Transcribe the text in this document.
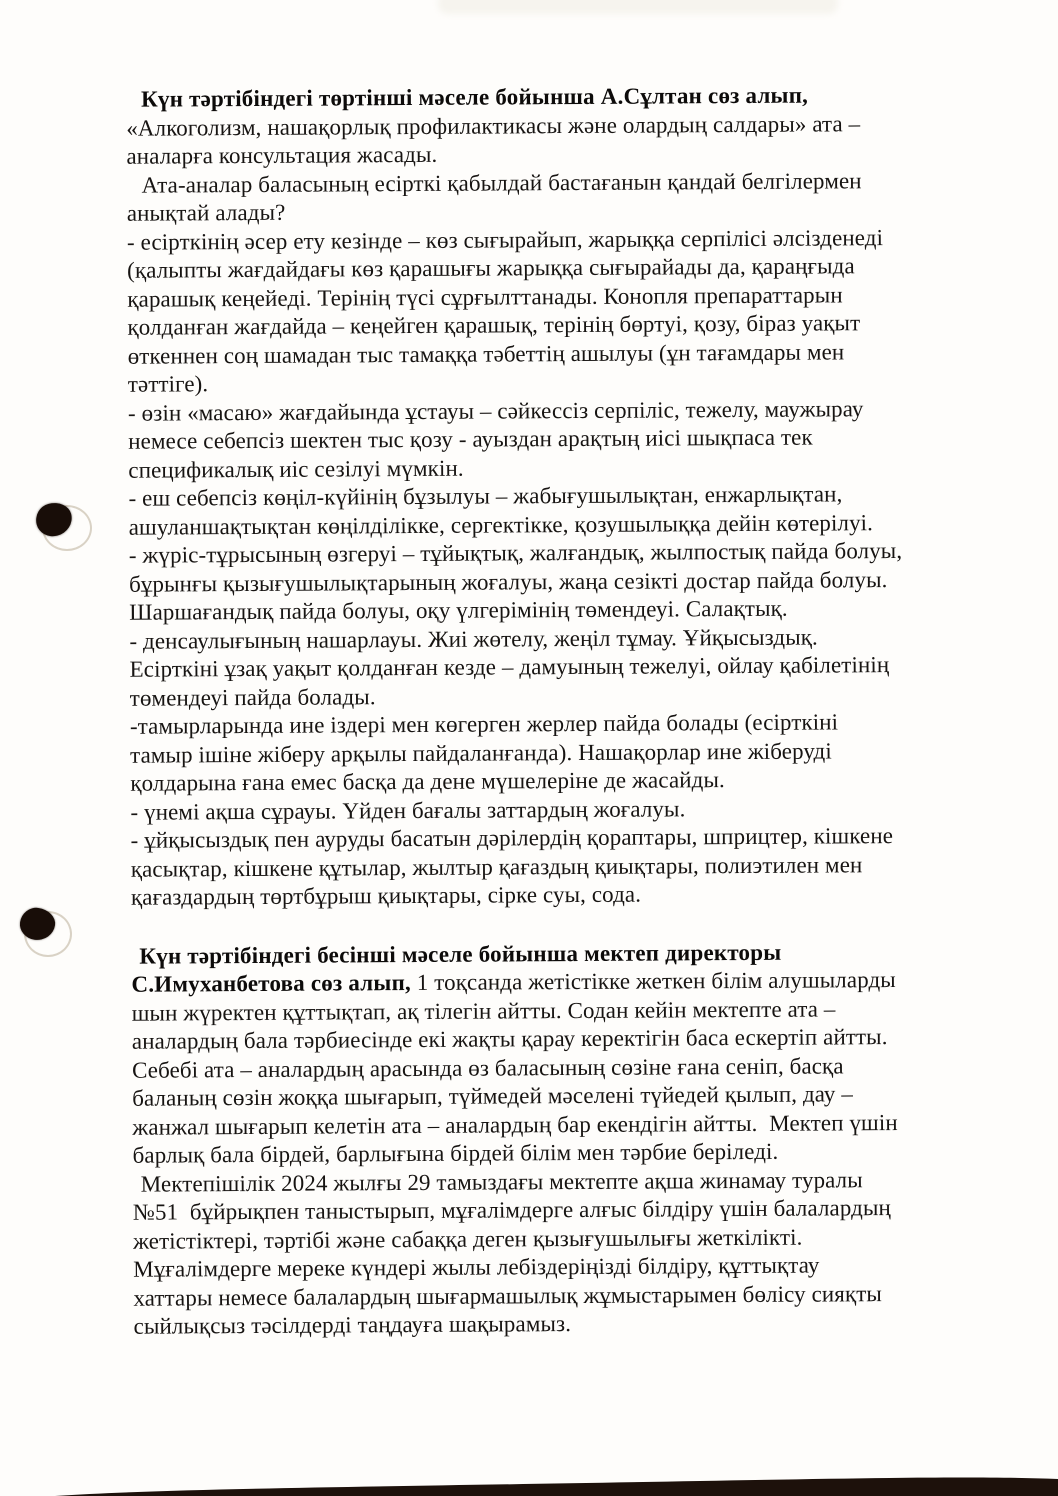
Күн тәртібіндегі төртінші мәселе бойынша А.Сұлтан сөз алып,
«Алкоголизм, нашақорлық профилактикасы және олардың салдары» ата –
аналарға консультация жасады.
Ата-аналар баласының есірткі қабылдай бастағанын қандай белгілермен
анықтай алады?
- есірткінің әсер ету кезінде – көз сығырайып, жарыққа серпілісі әлсізденеді
(қалыпты жағдайдағы көз қарашығы жарыққа сығырайады да, қараңғыда
қарашық кеңейеді. Терінің түсі сұрғылттанады. Конопля препараттарын
қолданған жағдайда – кеңейген қарашық, терінің бөртуі, қозу, біраз уақыт
өткеннен соң шамадан тыс тамаққа тәбеттің ашылуы (ұн тағамдары мен
тәттіге).
- өзін «масаю» жағдайында ұстауы – сәйкессіз серпіліс, тежелу, маужырау
немесе себепсіз шектен тыс қозу - ауыздан арақтың иісі шықпаса тек
спецификалық иіс сезілуі мүмкін.
- еш себепсіз көңіл-күйінің бұзылуы – жабығушылықтан, енжарлықтан,
ашуланшақтықтан көңілділікке, сергектікке, қозушылыққа дейін көтерілуі.
- жүріс-тұрысының өзгеруі – тұйықтық, жалғандық, жылпостық пайда болуы,
бұрынғы қызығушылықтарының жоғалуы, жаңа сезікті достар пайда болуы.
Шаршағандық пайда болуы, оқу үлгерімінің төмендеуі. Салақтық.
- денсаулығының нашарлауы. Жиі жөтелу, жеңіл тұмау. Ұйқысыздық.
Есірткіні ұзақ уақыт қолданған кезде – дамуының тежелуі, ойлау қабілетінің
төмендеуі пайда болады.
-тамырларында ине іздері мен көгерген жерлер пайда болады (есірткіні
тамыр ішіне жіберу арқылы пайдаланғанда). Нашақорлар ине жіберуді
қолдарына ғана емес басқа да дене мүшелеріне де жасайды.
- үнемі ақша сұрауы. Үйден бағалы заттардың жоғалуы.
- ұйқысыздық пен ауруды басатын дәрілердің қораптары, шприцтер, кішкене
қасықтар, кішкене құтылар, жылтыр қағаздың қиықтары, полиэтилен мен
қағаздардың төртбұрыш қиықтары, сірке суы, сода.
Күн тәртібіндегі бесінші мәселе бойынша мектеп директоры
С.Имуханбетова сөз алып, 1 тоқсанда жетістікке жеткен білім алушыларды
шын жүректен құттықтап, ақ тілегін айтты. Содан кейін мектепте ата –
аналардың бала тәрбиесінде екі жақты қарау керектігін баса ескертіп айтты.
Себебі ата – аналардың арасында өз баласының сөзіне ғана сеніп, басқа
баланың сөзін жоққа шығарып, түймедей мәселені түйедей қылып, дау –
жанжал шығарып келетін ата – аналардың бар екендігін айтты.  Мектеп үшін
барлық бала бірдей, барлығына бірдей білім мен тәрбие беріледі.
Мектепішілік 2024 жылғы 29 тамыздағы мектепте ақша жинамау туралы
№51  бұйрықпен таныстырып, мұғалімдерге алғыс білдіру үшін балалардың
жетістіктері, тәртібі және сабаққа деген қызығушылығы жеткілікті.
Мұғалімдерге мереке күндері жылы лебіздеріңізді білдіру, құттықтау
хаттары немесе балалардың шығармашылық жұмыстарымен бөлісу сияқты
сыйлықсыз тәсілдерді таңдауға шақырамыз.
